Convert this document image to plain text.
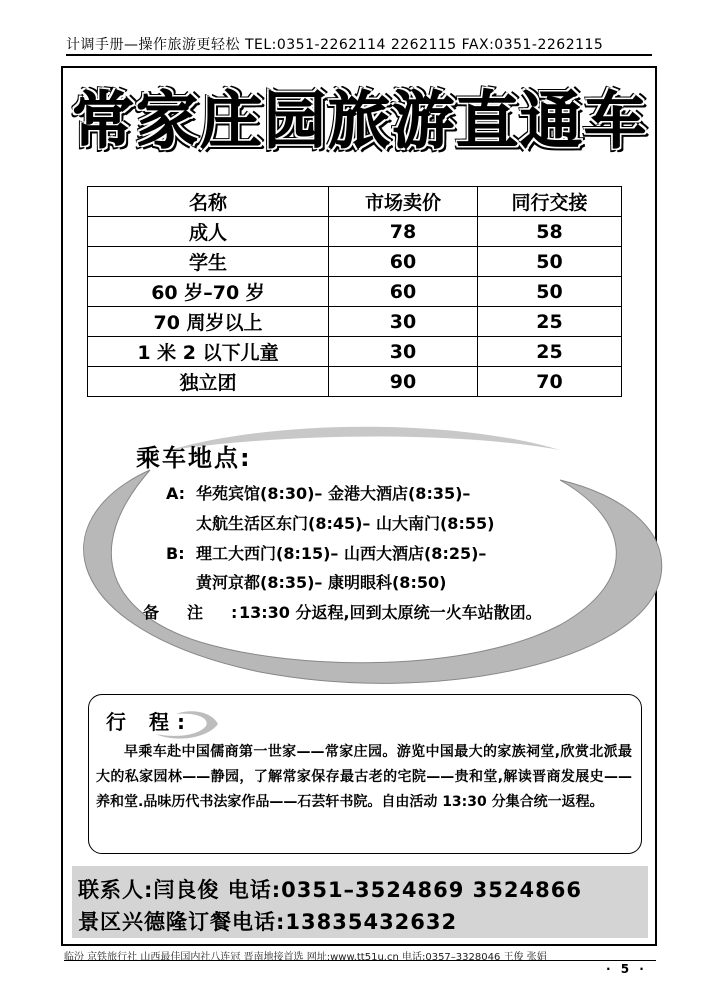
计调手册—操作旅游更轻松 TEL:0351-2262114 2262115 FAX:0351-2262115
常家庄园旅游直通车
名称	市场卖价	同行交接
成人	78	58
学生	60	50
60 岁–70 岁	60	50
70 周岁以上	30	25
1 米 2 以下儿童	30	25
独立团	90	70
乘车地点:
A: 华苑宾馆(8:30)– 金港大酒店(8:35)–
太航生活区东门(8:45)– 山大南门(8:55)
B: 理工大西门(8:15)– 山西大酒店(8:25)–
黄河京都(8:35)– 康明眼科(8:50)
备注:13:30 分返程,回到太原统一火车站散团。
行 程:
早乘车赴中国儒商第一世家——常家庄园。游览中国最大的家族祠堂,欣赏北派最大的私家园林——静园，了解常家保存最古老的宅院——贵和堂,解读晋商发展史——养和堂.品味历代书法家作品——石芸轩书院。自由活动 13:30 分集合统一返程。
联系人:闫良俊 电话:0351–3524869 3524866
景区兴德隆订餐电话:13835432632
临汾 京铁旅行社 山西最佳国内社八连冠 晋南地接首选 网址:www.tt51u.cn 电话:0357–3328046 王俊 张娟
· 5 ·
